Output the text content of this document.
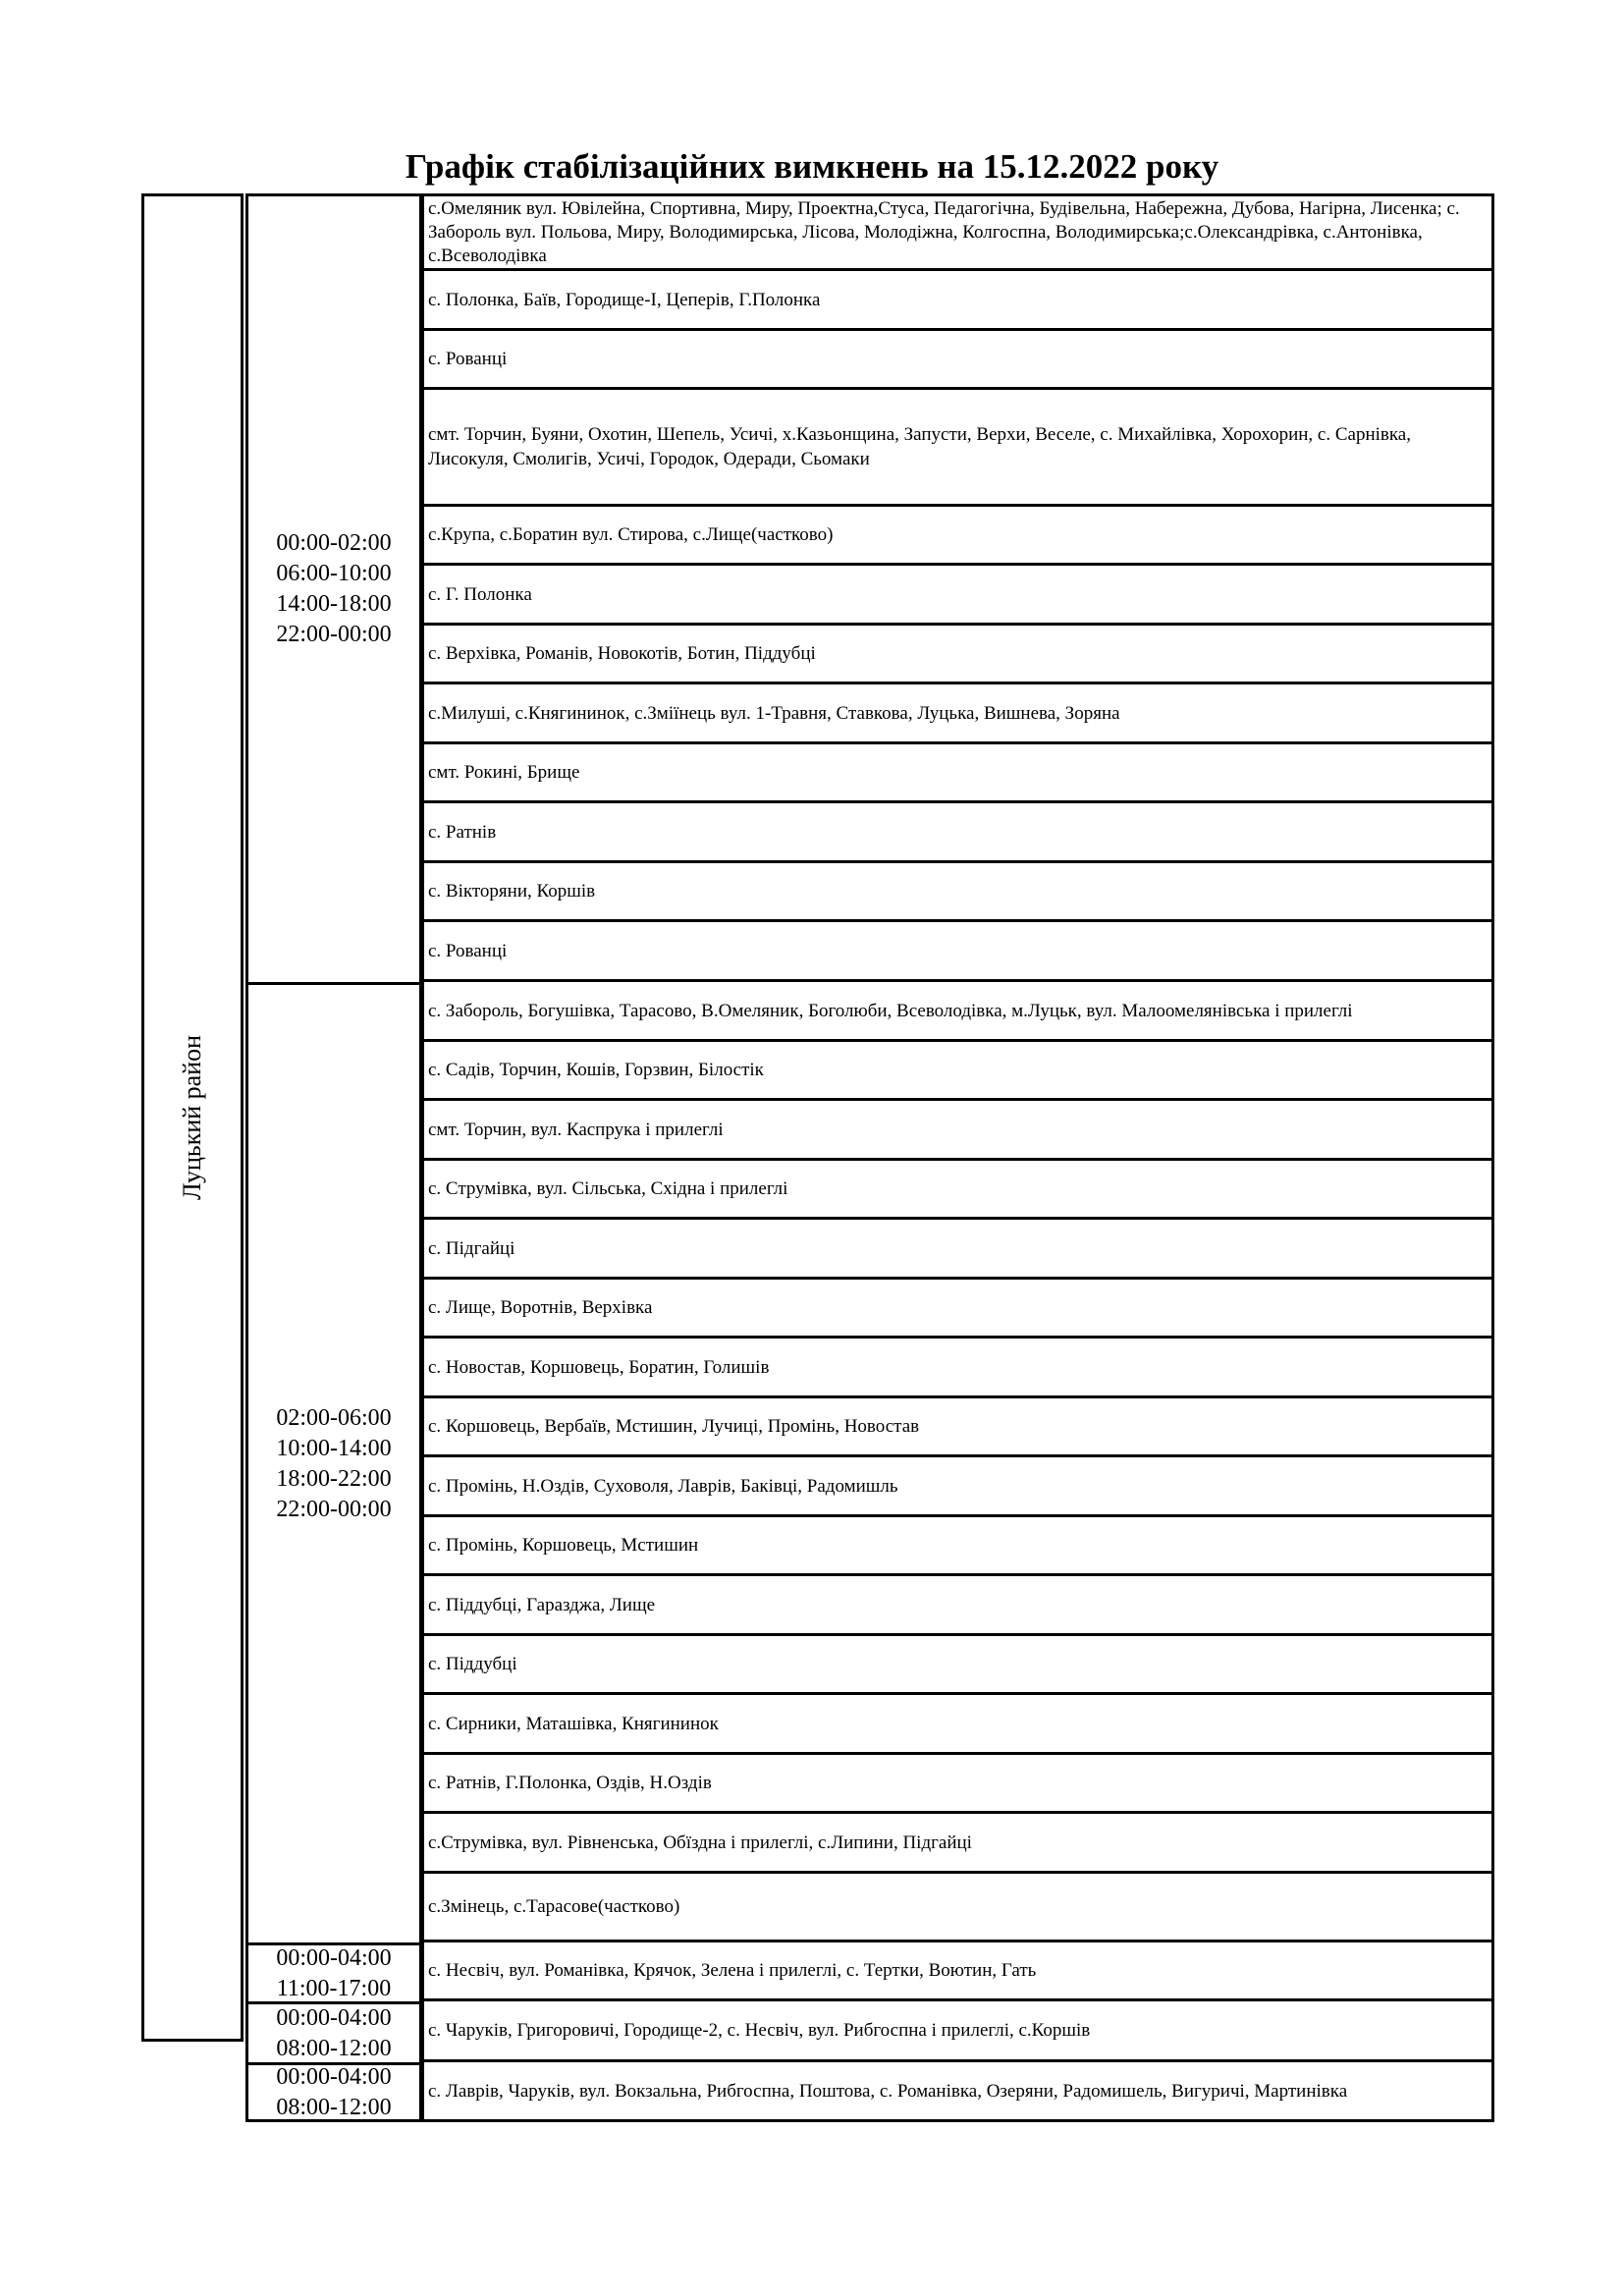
Графік стабілізаційних вимкнень на 15.12.2022 року
Луцький район
00:00-02:00
06:00-10:00
14:00-18:00
22:00-00:00
02:00-06:00
10:00-14:00
18:00-22:00
22:00-00:00
00:00-04:00
11:00-17:00
00:00-04:00
08:00-12:00
00:00-04:00
08:00-12:00
с.Омеляник вул. Ювілейна, Спортивна, Миру, Проектна,Стуса, Педагогічна, Будівельна, Набережна, Дубова, Нагірна, Лисенка; с. Забороль вул. Польова, Миру, Володимирська, Лісова, Молодіжна, Колгоспна, Володимирська;с.Олександрівка, с.Антонівка, с.Всеволодівка
с. Полонка, Баїв, Городище-І, Цеперів, Г.Полонка
с. Рованці
смт. Торчин, Буяни, Охотин, Шепель, Усичі, х.Казьонщина, Запусти, Верхи, Веселе, с. Михайлівка, Хорохорин, с. Сарнівка, Лисокуля, Смолигів, Усичі, Городок, Одеради, Сьомаки
с.Крупа, с.Боратин вул. Стирова, с.Лище(частково)
с. Г. Полонка
с. Верхівка, Романів, Новокотів, Ботин, Піддубці
с.Милуші, с.Княгининок, с.Зміїнець вул. 1-Травня, Ставкова, Луцька, Вишнева, Зоряна
смт. Рокині, Брище
с. Ратнів
с. Вікторяни, Коршів
с. Рованці
с. Забороль, Богушівка, Тарасово, В.Омеляник, Боголюби, Всеволодівка, м.Луцьк, вул. Малоомелянівська і прилеглі
с. Садів, Торчин, Кошів, Горзвин, Білостік
смт. Торчин, вул. Каспрука і прилеглі
с. Струмівка, вул. Сільська, Східна і прилеглі
с. Підгайці
с. Лище, Воротнів, Верхівка
с. Новостав, Коршовець, Боратин, Голишів
с. Коршовець, Вербаїв, Мстишин, Лучиці, Промінь, Новостав
с. Промінь, Н.Оздів, Суховоля, Лаврів, Баківці, Радомишль
с. Промінь, Коршовець, Мстишин
с. Піддубці, Гаразджа, Лище
с. Піддубці
с. Сирники, Маташівка, Княгининок
с. Ратнів, Г.Полонка, Оздів, Н.Оздів
с.Струмівка, вул. Рівненська, Обїздна і прилеглі, с.Липини, Підгайці
с.Змінець, с.Тарасове(частково)
с. Несвіч, вул. Романівка, Крячок, Зелена і прилеглі, с. Тертки, Воютин, Гать
с. Чаруків, Григоровичі, Городище-2, с. Несвіч, вул. Рибгоспна і прилеглі, с.Коршів
с. Лаврів, Чаруків, вул. Вокзальна, Рибгоспна, Поштова, с. Романівка, Озеряни, Радомишель, Вигуричі, Мартинівка
